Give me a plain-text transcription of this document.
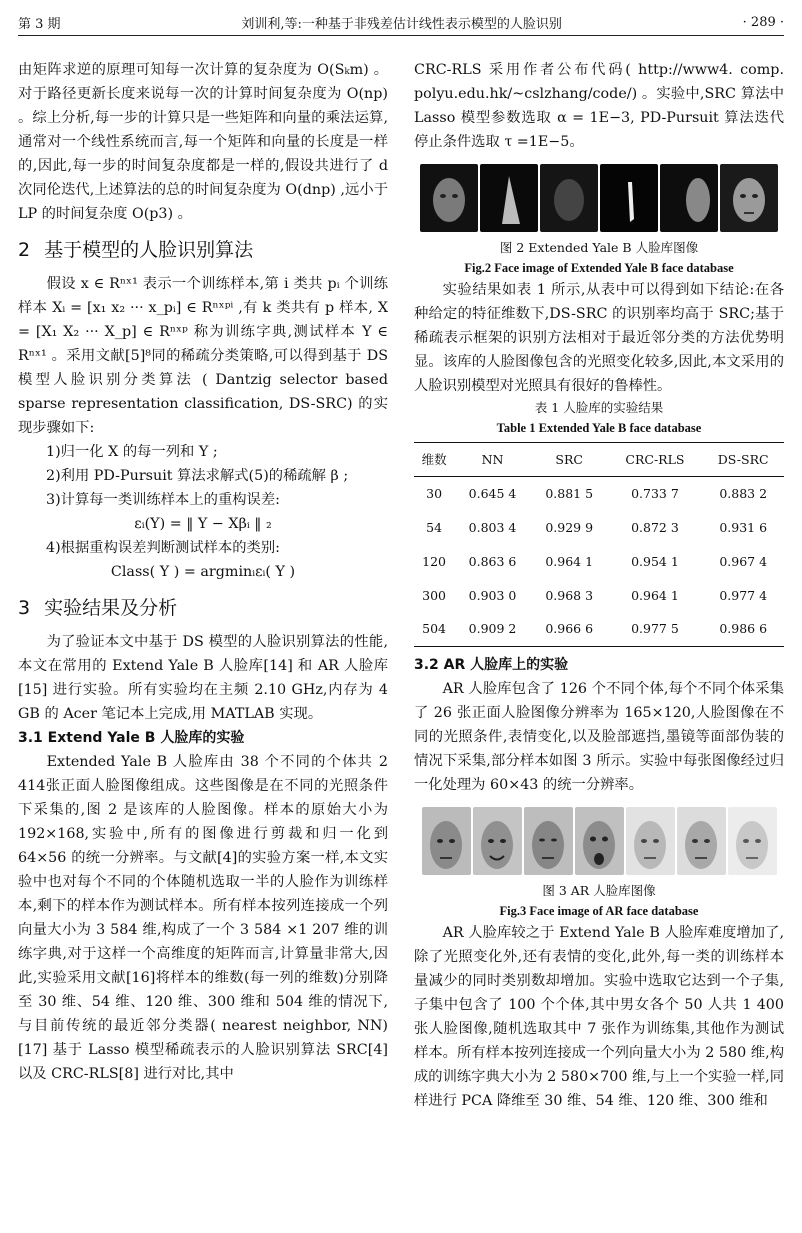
第 3 期	刘训利,等:一种基于非残差估计线性表示模型的人脸识别	· 289 ·

由矩阵求逆的原理可知每一次计算的复杂度为 O(Sₖm) 。对于路径更新长度来说每一次的计算时间复杂度为 O(np) 。综上分析,每一步的计算只是一些矩阵和向量的乘法运算,通常对一个线性系统而言,每一个矩阵和向量的长度是一样的,因此,每一步的时间复杂度都是一样的,假设共进行了 d 次同伦迭代,上述算法的总的时间复杂度为 O(dnp) ,远小于 LP 的时间复杂度 O(p3) 。

2 基于模型的人脸识别算法

假设 x ∈ Rⁿˣ¹ 表示一个训练样本,第 i 类共 pᵢ 个训练样本 Xᵢ = [x₁ x₂ ··· x_pᵢ] ∈ Rⁿˣᵖⁱ ,有 k 类共有 p 样本, X = [X₁ X₂ ··· X_p] ∈ Rⁿˣᵖ 称为训练字典,测试样本 Y ∈ Rⁿˣ¹ 。采用文献[5]⁸同的稀疏分类策略,可以得到基于 DS 模型人脸识别分类算法 ( Dantzig selector based sparse representation classification, DS-SRC) 的实现步骤如下:

1)归一化 X 的每一列和 Y ;

2)利用 PD-Pursuit 算法求解式(5)的稀疏解 β ;

3)计算每一类训练样本上的重构误差:

εᵢ(Y) = ‖ Y − Xβᵢ ‖ ₂

4)根据重构误差判断测试样本的类别:

Class( Y ) = argminᵢεᵢ( Y )

3 实验结果及分析

为了验证本文中基于 DS 模型的人脸识别算法的性能,本文在常用的 Extend Yale B 人脸库[14] 和 AR 人脸库[15] 进行实验。所有实验均在主频 2.10 GHz,内存为 4 GB 的 Acer 笔记本上完成,用 MATLAB 实现。

3.1 Extend Yale B 人脸库的实验

Extended Yale B 人脸库由 38 个不同的个体共 2 414张正面人脸图像组成。这些图像是在不同的光照条件下采集的,图 2 是该库的人脸图像。样本的原始大小为 192×168,实验中,所有的图像进行剪裁和归一化到 64×56 的统一分辨率。与文献[4]的实验方案一样,本文实验中也对每个不同的个体随机选取一半的人脸作为训练样本,剩下的样本作为测试样本。所有样本按列连接成一个列向量大小为 3 584 维,构成了一个 3 584 ×1 207 维的训练字典,对于这样一个高维度的矩阵而言,计算量非常大,因此,实验采用文献[16]将样本的维数(每一列的维数)分别降至 30 维、54 维、120 维、300 维和 504 维的情况下, 与目前传统的最近邻分类器( nearest neighbor, NN)[17] 基于 Lasso 模型稀疏表示的人脸识别算法 SRC[4] 以及 CRC-RLS[8] 进行对比,其中

CRC-RLS 采用作者公布代码( http://www4. comp. polyu.edu.hk/~cslzhang/code/) 。实验中,SRC 算法中 Lasso 模型参数选取 α = 1E−3, PD-Pursuit 算法迭代停止条件选取 τ =1E−5。

图 2 Extended Yale B 人脸库图像

Fig.2 Face image of Extended Yale B face database

实验结果如表 1 所示,从表中可以得到如下结论:在各种给定的特征维数下,DS-SRC 的识别率均高于 SRC;基于稀疏表示框架的识别方法相对于最近邻分类的方法优势明显。该库的人脸图像包含的光照变化较多,因此,本文采用的人脸识别模型对光照具有很好的鲁棒性。

表 1 人脸库的实验结果

Table 1 Extended Yale B face database

维数	NN	SRC	CRC-RLS	DS-SRC
30	0.645 4	0.881 5	0.733 7	0.883 2
54	0.803 4	0.929 9	0.872 3	0.931 6
120	0.863 6	0.964 1	0.954 1	0.967 4
300	0.903 0	0.968 3	0.964 1	0.977 4
504	0.909 2	0.966 6	0.977 5	0.986 6

3.2 AR 人脸库上的实验

AR 人脸库包含了 126 个不同个体,每个不同个体采集了 26 张正面人脸图像分辨率为 165×120,人脸图像在不同的光照条件,表情变化,以及脸部遮挡,墨镜等面部伪装的情况下采集,部分样本如图 3 所示。实验中每张图像经过归一化处理为 60×43 的统一分辨率。

图 3 AR 人脸库图像

Fig.3 Face image of AR face database

AR 人脸库较之于 Extend Yale B 人脸库难度增加了,除了光照变化外,还有表情的变化,此外,每一类的训练样本量减少的同时类别数却增加。实验中选取它达到一个子集,子集中包含了 100 个个体,其中男女各个 50 人共 1 400 张人脸图像,随机选取其中 7 张作为训练集,其他作为测试样本。所有样本按列连接成一个列向量大小为 2 580 维,构成的训练字典大小为 2 580×700 维,与上一个实验一样,同样进行 PCA 降维至 30 维、54 维、120 维、300 维和
